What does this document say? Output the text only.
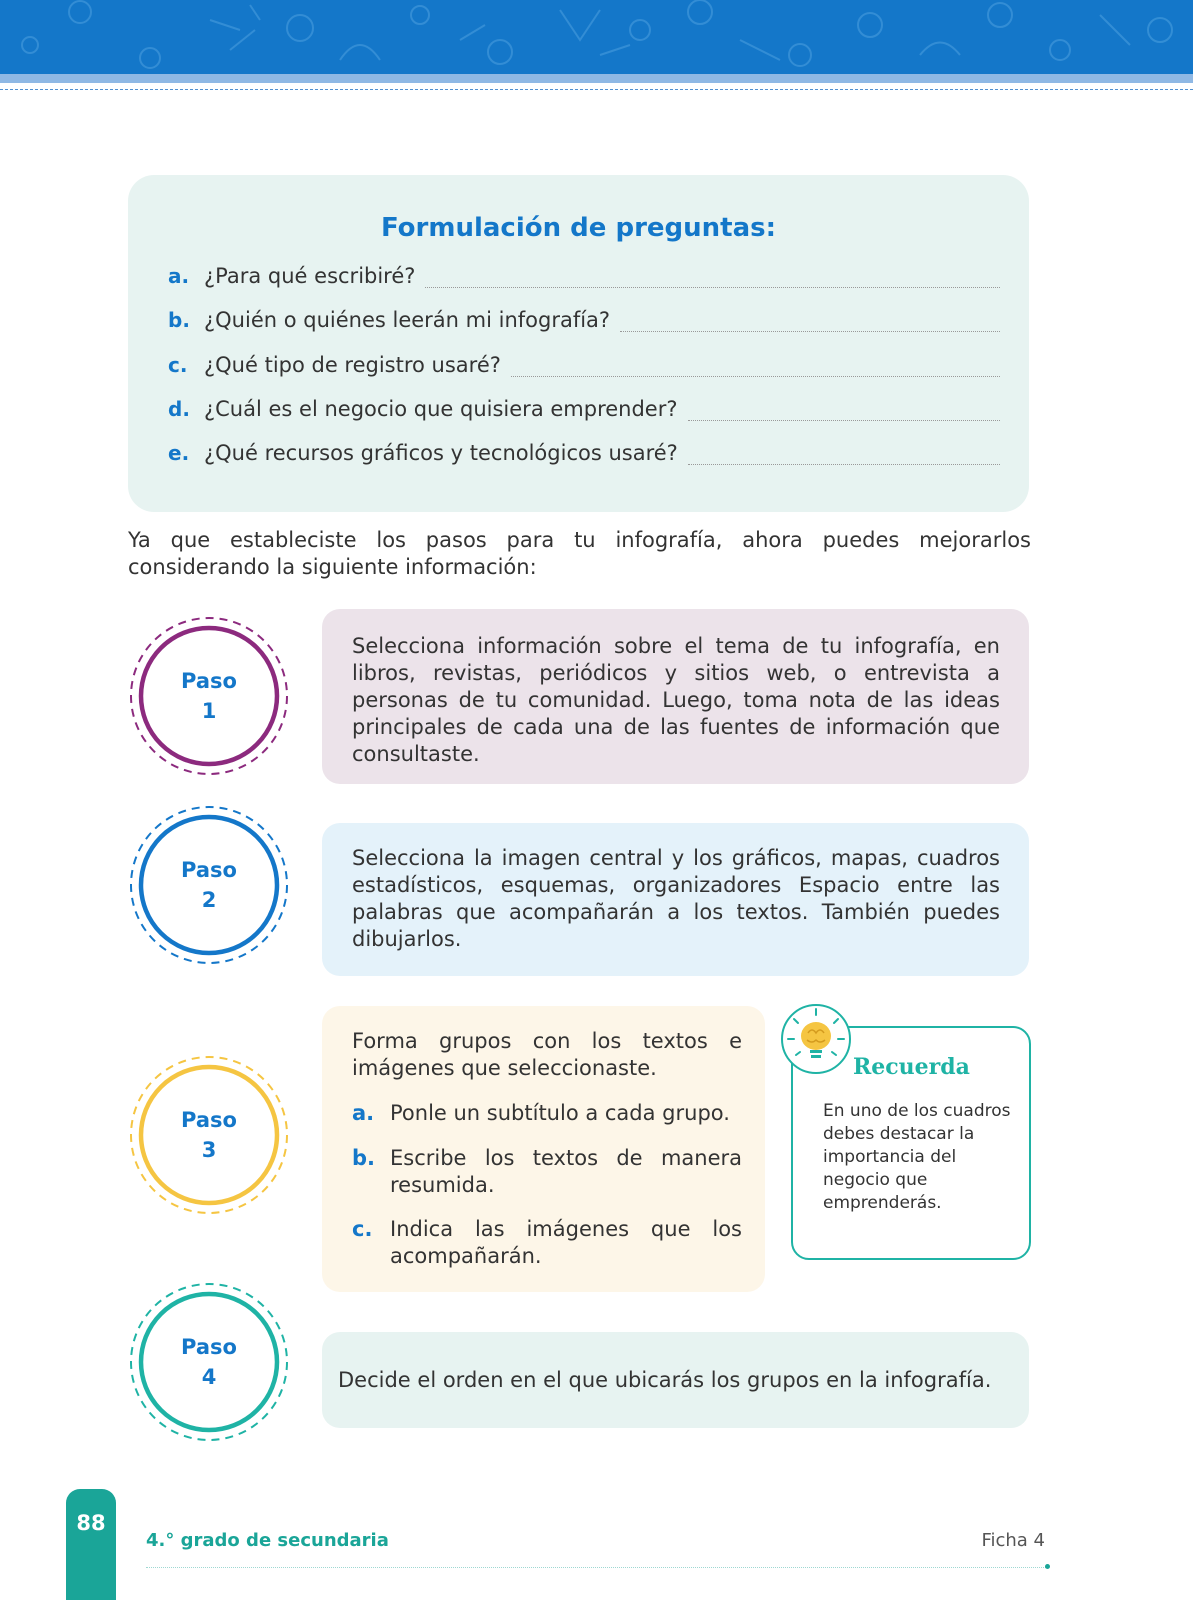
Formulación de preguntas:
a. ¿Para qué escribiré?
b. ¿Quién o quiénes leerán mi infografía?
c. ¿Qué tipo de registro usaré?
d. ¿Cuál es el negocio que quisiera emprender?
e. ¿Qué recursos gráficos y tecnológicos usaré?

Ya que estableciste los pasos para tu infografía, ahora puedes mejorarlos considerando la siguiente información:

Paso
1

Selecciona información sobre el tema de tu infografía, en libros, revistas, periódicos y sitios web, o entrevista a personas de tu comunidad. Luego, toma nota de las ideas principales de cada una de las fuentes de información que consultaste.

Paso
2

Selecciona la imagen central y los gráficos, mapas, cuadros estadísticos, esquemas, organizadores Espacio entre las palabras que acompañarán a los textos. También puedes dibujarlos.

Paso
3

Forma grupos con los textos e imágenes que seleccionaste.

a. Ponle un subtítulo a cada grupo.
b. Escribe los textos de manera resumida.
c. Indica las imágenes que los acompañarán.
Recuerda

En uno de los cuadros debes destacar la importancia del negocio que emprenderás.

Paso
4	Decide el orden en el que ubicarás los grupos en la infografía.

88
4.° grado de secundaria	Ficha 4
